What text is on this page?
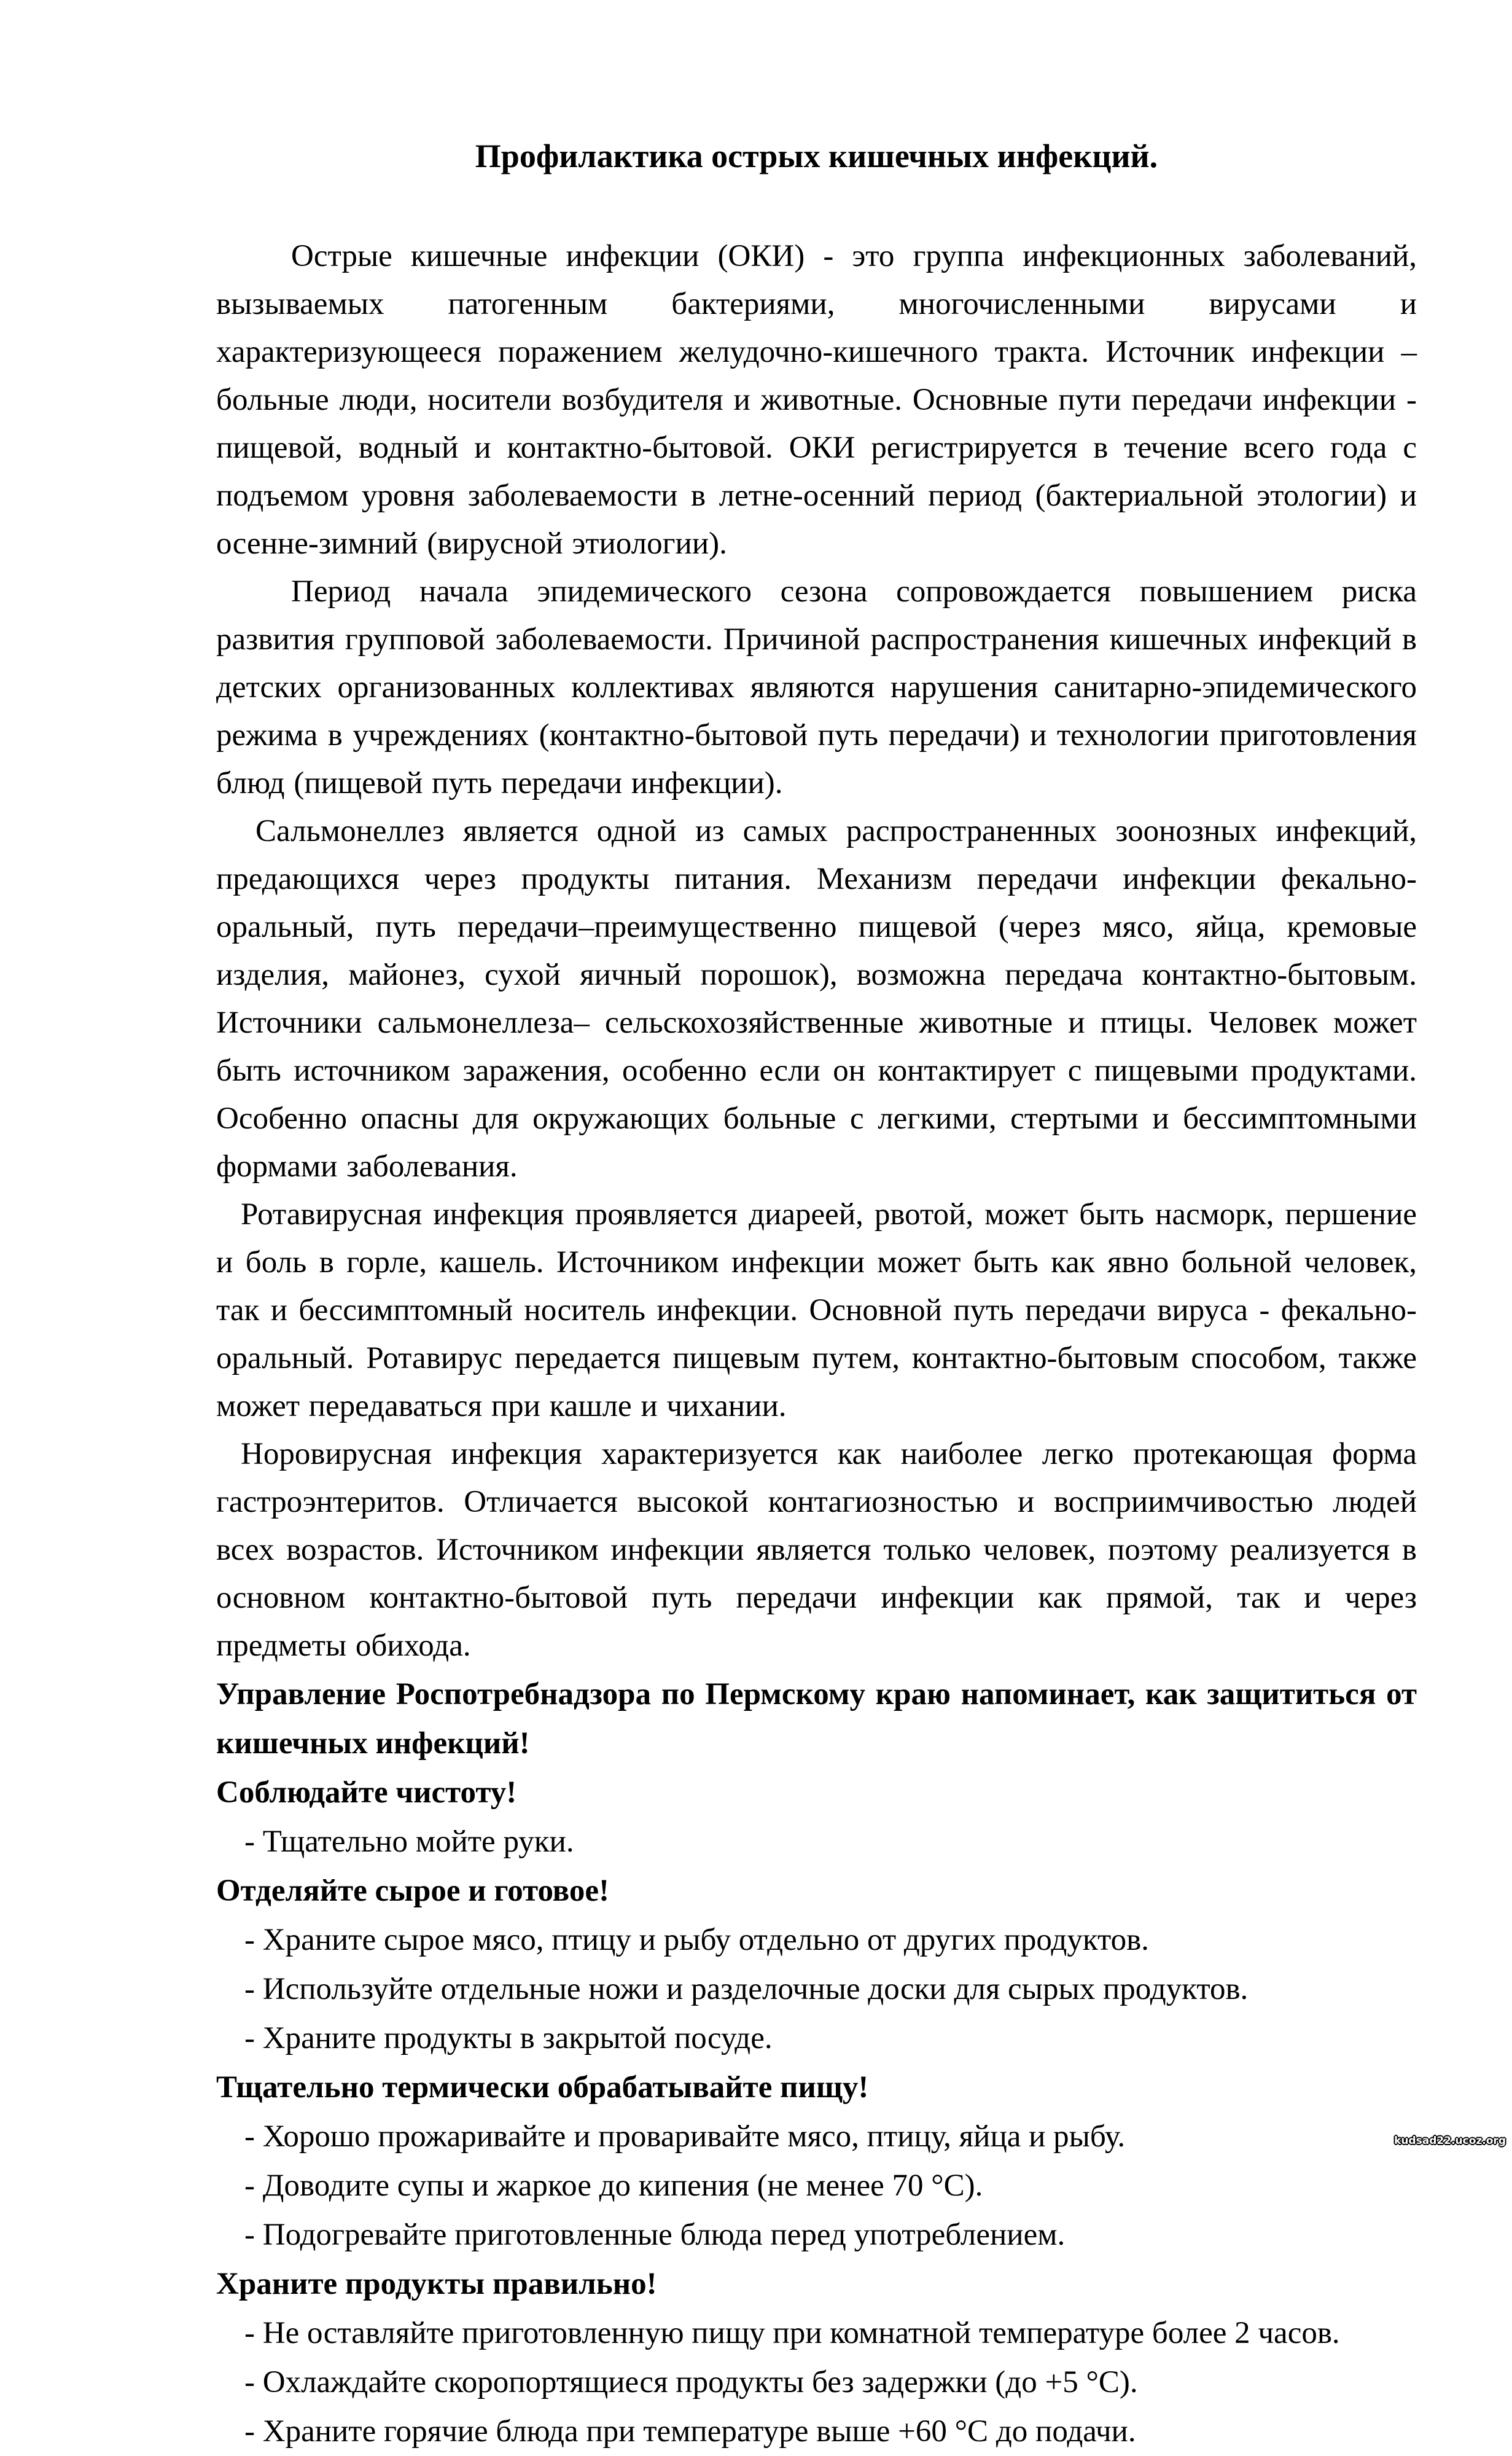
Профилактика острых кишечных инфекций.

Острые кишечные инфекции (ОКИ) - это группа инфекционных заболеваний, вызываемых патогенным бактериями, многочисленными вирусами и характеризующееся поражением желудочно-кишечного тракта. Источник инфекции – больные люди, носители возбудителя и животные. Основные пути передачи инфекции - пищевой, водный и контактно-бытовой. ОКИ регистрируется в течение всего года с подъемом уровня заболеваемости в летне-осенний период (бактериальной этологии) и осенне-зимний (вирусной этиологии).

Период начала эпидемического сезона сопровождается повышением риска развития групповой заболеваемости. Причиной распространения кишечных инфекций в детских организованных коллективах являются нарушения санитарно-эпидемического режима в учреждениях (контактно-бытовой путь передачи) и технологии приготовления блюд (пищевой путь передачи инфекции).

Сальмонеллез является одной из самых распространенных зоонозных инфекций, предающихся через продукты питания. Механизм передачи инфекции фекально-оральный, путь передачи–преимущественно пищевой (через мясо, яйца, кремовые изделия, майонез, сухой яичный порошок), возможна передача контактно-бытовым. Источники сальмонеллеза– сельскохозяйственные животные и птицы. Человек может быть источником заражения, особенно если он контактирует с пищевыми продуктами. Особенно опасны для окружающих больные с легкими, стертыми и бессимптомными формами заболевания.

Ротавирусная инфекция проявляется диареей, рвотой, может быть насморк, першение и боль в горле, кашель. Источником инфекции может быть как явно больной человек, так и бессимптомный носитель инфекции. Основной путь передачи вируса - фекально-оральный. Ротавирус передается пищевым путем, контактно-бытовым способом, также может передаваться при кашле и чихании.

Норовирусная инфекция характеризуется как наиболее легко протекающая форма гастроэнтеритов. Отличается высокой контагиозностью и восприимчивостью людей всех возрастов. Источником инфекции является только человек, поэтому реализуется в основном контактно-бытовой путь передачи инфекции как прямой, так и через предметы обихода.

Управление Роспотребнадзора по Пермскому краю напоминает, как защититься от кишечных инфекций!

Соблюдайте чистоту!

- Тщательно мойте руки.

Отделяйте сырое и готовое!

- Храните сырое мясо, птицу и рыбу отдельно от других продуктов.

- Используйте отдельные ножи и разделочные доски для сырых продуктов.

- Храните продукты в закрытой посуде.

Тщательно термически обрабатывайте пищу!

- Хорошо прожаривайте и проваривайте мясо, птицу, яйца и рыбу.

- Доводите супы и жаркое до кипения (не менее 70 °С).

- Подогревайте приготовленные блюда перед употреблением.

Храните продукты правильно!

- Не оставляйте приготовленную пищу при комнатной температуре более 2 часов.

- Охлаждайте скоропортящиеся продукты без задержки (до +5 °С).

- Храните горячие блюда при температуре выше +60 °С до подачи.

kudsad22.ucoz.org
